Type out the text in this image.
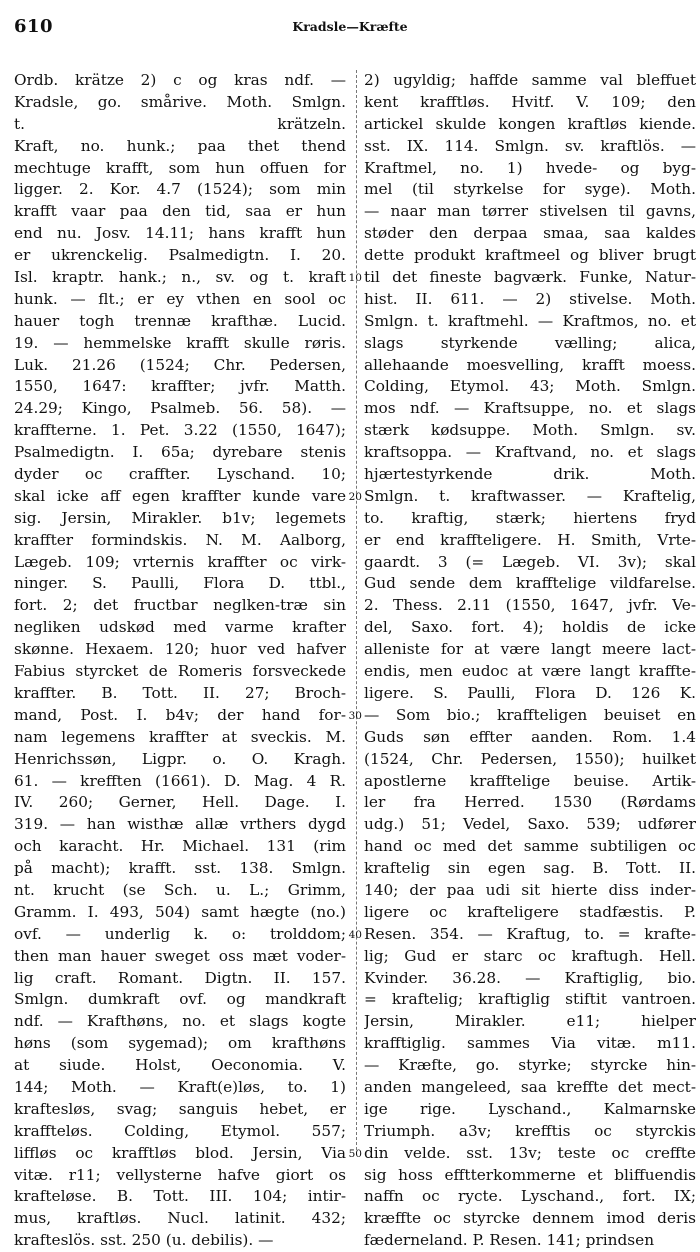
610	Kradsle—Kræfte
Ordb. krätze 2) c og kras ndf. —
Kradsle, go. smårive. Moth. Smlgn.
t. krätzeln.
Kraft, no. hunk.; paa thet thend
mechtuge krafft, som hun offuen for
ligger. 2. Kor. 4.7 (1524); som min
krafft vaar paa den tid, saa er hun
end nu. Josv. 14.11; hans krafft hun
er ukrenckelig. Psalmedigtn. I. 20.
Isl. kraptr. hank.; n., sv. og t. kraft
hunk. — flt.; er ey vthen en sool oc
hauer togh trennæ krafthæ. Lucid.
19. — hemmelske krafft skulle røris.
Luk. 21.26 (1524; Chr. Pedersen,
1550, 1647: kraffter; jvfr. Matth.
24.29; Kingo, Psalmeb. 56. 58). —
kraffterne. 1. Pet. 3.22 (1550, 1647);
Psalmedigtn. I. 65a; dyrebare stenis
dyder oc craffter. Lyschand. 10;
skal icke aff egen kraffter kunde vare
sig. Jersin, Mirakler. b1v; legemets
kraffter formindskis. N. M. Aalborg,
Lægeb. 109; vrternis kraffter oc virk-
ninger. S. Paulli, Flora D. ttbl.,
fort. 2; det fructbar neglken-træ sin
negliken udskød med varme krafter
skønne. Hexaem. 120; huor ved hafver
Fabius styrcket de Romeris forsveckede
kraffter. B. Tott. II. 27; Broch-
mand, Post. I. b4v; der hand for-
nam legemens kraffter at sveckis. M.
Henrichssøn, Ligpr. o. O. Kragh.
61. — krefften (1661). D. Mag. 4 R.
IV. 260; Gerner, Hell. Dage. I.
319. — han wisthæ allæ vrthers dygd
och karacht. Hr. Michael. 131 (rim
på macht); krafft. sst. 138. Smlgn.
nt. krucht (se Sch. u. L.; Grimm,
Gramm. I. 493, 504) samt hægte (no.)
ovf. — underlig k. o: trolddom;
then man hauer sweget oss mæt voder-
lig craft. Romant. Digtn. II. 157.
Smlgn. dumkraft ovf. og mandkraft
ndf. — Krafthøns, no. et slags kogte
høns (som sygemad); om krafthøns
at siude. Holst, Oeconomia. V.
144; Moth. — Kraft(e)løs, to. 1)
kraftesløs, svag; sanguis hebet, er
kraffteløs. Colding, Etymol. 557;
liffløs oc krafftløs blod. Jersin, Via
vitæ. r11; vellysterne hafve giort os
krafteløse. B. Tott. III. 104; intir-
mus, kraftløs. Nucl. latinit. 432;
krafteslös. sst. 250 (u. debilis). —
10
20
30
40
50
2) ugyldig; haffde samme val bleffuet
kent krafftløs. Hvitf. V. 109; den
artickel skulde kongen kraftløs kiende.
sst. IX. 114. Smlgn. sv. kraftlös. —
Kraftmel, no. 1) hvede- og byg-
mel (til styrkelse for syge). Moth.
— naar man tørrer stivelsen til gavns,
støder den derpaa smaa, saa kaldes
dette produkt kraftmeel og bliver brugt
til det fineste bagværk. Funke, Natur-
hist. II. 611. — 2) stivelse. Moth.
Smlgn. t. kraftmehl. — Kraftmos, no. et
slags styrkende vælling; alica,
allehaande moesvelling, krafft moess.
Colding, Etymol. 43; Moth. Smlgn.
mos ndf. — Kraftsuppe, no. et slags
stærk kødsuppe. Moth. Smlgn. sv.
kraftsoppa. — Kraftvand, no. et slags
hjærtestyrkende drik. Moth.
Smlgn. t. kraftwasser. — Kraftelig,
to. kraftig, stærk; hiertens fryd
er end kraffteligere. H. Smith, Vrte-
gaardt. 3 (= Lægeb. VI. 3v); skal
Gud sende dem krafftelige vildfarelse.
2. Thess. 2.11 (1550, 1647, jvfr. Ve-
del, Saxo. fort. 4); holdis de icke
alleniste for at være langt meere lact-
endis, men eudoc at være langt kraffte-
ligere. S. Paulli, Flora D. 126 K.
— Som bio.; kraffteligen beuiset en
Guds søn effter aanden. Rom. 1.4
(1524, Chr. Pedersen, 1550); huilket
apostlerne krafftelige beuise. Artik-
ler fra Herred. 1530 (Rørdams
udg.) 51; Vedel, Saxo. 539; udfører
hand oc med det samme subtiligen oc
kraftelig sin egen sag. B. Tott. II.
140; der paa udi sit hierte diss inder-
ligere oc krafteligere stadfæstis. P.
Resen. 354. — Kraftug, to. = krafte-
lig; Gud er starc oc kraftugh. Hell.
Kvinder. 36.28. — Kraftiglig, bio.
= kraftelig; kraftiglig stiftit vantroen.
Jersin, Mirakler. e11; hielper
krafftiglig. sammes Via vitæ. m11.
— Kræfte, go. styrke; styrcke hin-
anden mangeleed, saa kreffte det mect-
ige rige. Lyschand., Kalmarnske
Triumph. a3v; krefftis oc styrckis
din velde. sst. 13v; teste oc creffte
sig hoss efftterkommerne et bliffuendis
naffn oc rycte. Lyschand., fort. IX;
kræffte oc styrcke dennem imod deris
fæderneland. P. Resen. 141; prindsen
